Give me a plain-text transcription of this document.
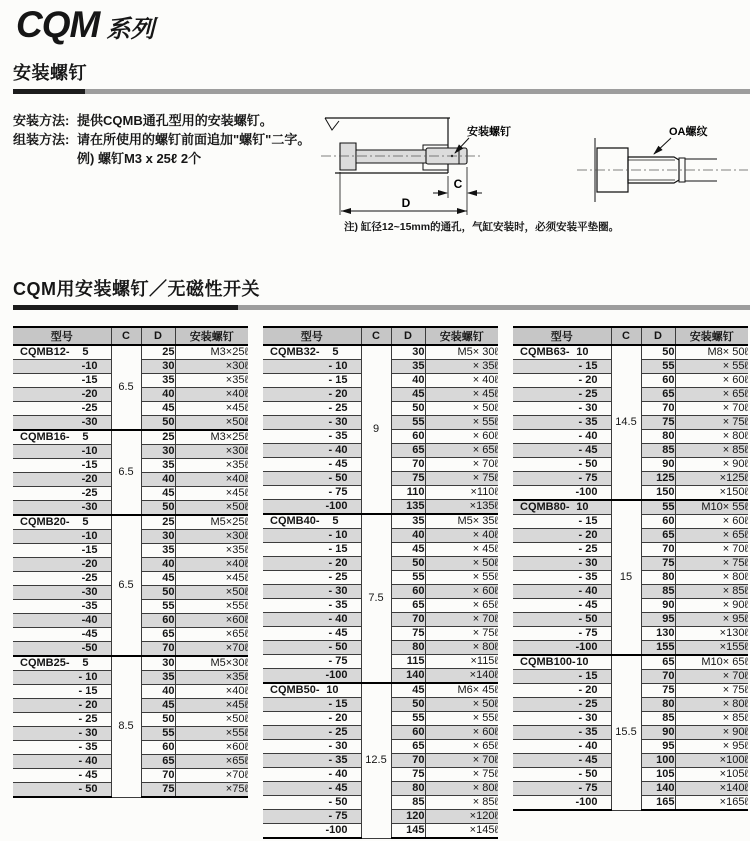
CQM 系列
安装螺钉
安装方法: 提供CQMB通孔型用的安装螺钉。
组装方法: 请在所使用的螺钉前面追加"螺钉"二字。
例) 螺钉M3 x 25ℓ 2个
安装螺钉
C
D
注) 缸径12~15mm的通孔，气缸安装时，必须安装平垫圈。
OA螺纹
CQM用安装螺钉／无磁性开关
型号	C	D	安装螺钉

CQMB12- 5	6.5	25	M3×25ℓ

-10		30	×30ℓ

-15		35	×35ℓ

-20		40	×40ℓ

-25		45	×45ℓ

-30		50	×50ℓ

CQMB16- 5	6.5	25	M3×25ℓ

-10		30	×30ℓ

-15		35	×35ℓ

-20		40	×40ℓ

-25		45	×45ℓ

-30		50	×50ℓ

CQMB20- 5	6.5	25	M5×25ℓ

-10		30	×30ℓ

-15		35	×35ℓ

-20		40	×40ℓ

-25		45	×45ℓ

-30		50	×50ℓ

-35		55	×55ℓ

-40		60	×60ℓ

-45		65	×65ℓ

-50		70	×70ℓ

CQMB25- 5	8.5	30	M5×30ℓ

- 10		35	×35ℓ

- 15		40	×40ℓ

- 20		45	×45ℓ

- 25		50	×50ℓ

- 30		55	×55ℓ

- 35		60	×60ℓ

- 40		65	×65ℓ

- 45		70	×70ℓ

- 50		75	×75ℓ
型号	C	D	安装螺钉

CQMB32- 5	9	30	M5× 30ℓ

- 10		35	× 35ℓ

- 15		40	× 40ℓ

- 20		45	× 45ℓ

- 25		50	× 50ℓ

- 30		55	× 55ℓ

- 35		60	× 60ℓ

- 40		65	× 65ℓ

- 45		70	× 70ℓ

- 50		75	× 75ℓ

- 75		110	×110ℓ

-100		135	×135ℓ

CQMB40- 5	7.5	35	M5× 35ℓ

- 10		40	× 40ℓ

- 15		45	× 45ℓ

- 20		50	× 50ℓ

- 25		55	× 55ℓ

- 30		60	× 60ℓ

- 35		65	× 65ℓ

- 40		70	× 70ℓ

- 45		75	× 75ℓ

- 50		80	× 80ℓ

- 75		115	×115ℓ

-100		140	×140ℓ

CQMB50- 10	12.5	45	M6× 45ℓ

- 15		50	× 50ℓ

- 20		55	× 55ℓ

- 25		60	× 60ℓ

- 30		65	× 65ℓ

- 35		70	× 70ℓ

- 40		75	× 75ℓ

- 45		80	× 80ℓ

- 50		85	× 85ℓ

- 75		120	×120ℓ

-100		145	×145ℓ
型号	C	D	安装螺钉

CQMB63- 10	14.5	50	M8× 50ℓ

- 15		55	× 55ℓ

- 20		60	× 60ℓ

- 25		65	× 65ℓ

- 30		70	× 70ℓ

- 35		75	× 75ℓ

- 40		80	× 80ℓ

- 45		85	× 85ℓ

- 50		90	× 90ℓ

- 75		125	×125ℓ

-100		150	×150ℓ

CQMB80- 10	15	55	M10× 55ℓ

- 15		60	× 60ℓ

- 20		65	× 65ℓ

- 25		70	× 70ℓ

- 30		75	× 75ℓ

- 35		80	× 80ℓ

- 40		85	× 85ℓ

- 45		90	× 90ℓ

- 50		95	× 95ℓ

- 75		130	×130ℓ

-100		155	×155ℓ

CQMB100- 10	15.5	65	M10× 65ℓ

- 15		70	× 70ℓ

- 20		75	× 75ℓ

- 25		80	× 80ℓ

- 30		85	× 85ℓ

- 35		90	× 90ℓ

- 40		95	× 95ℓ

- 45		100	×100ℓ

- 50		105	×105ℓ

- 75		140	×140ℓ

-100		165	×165ℓ
